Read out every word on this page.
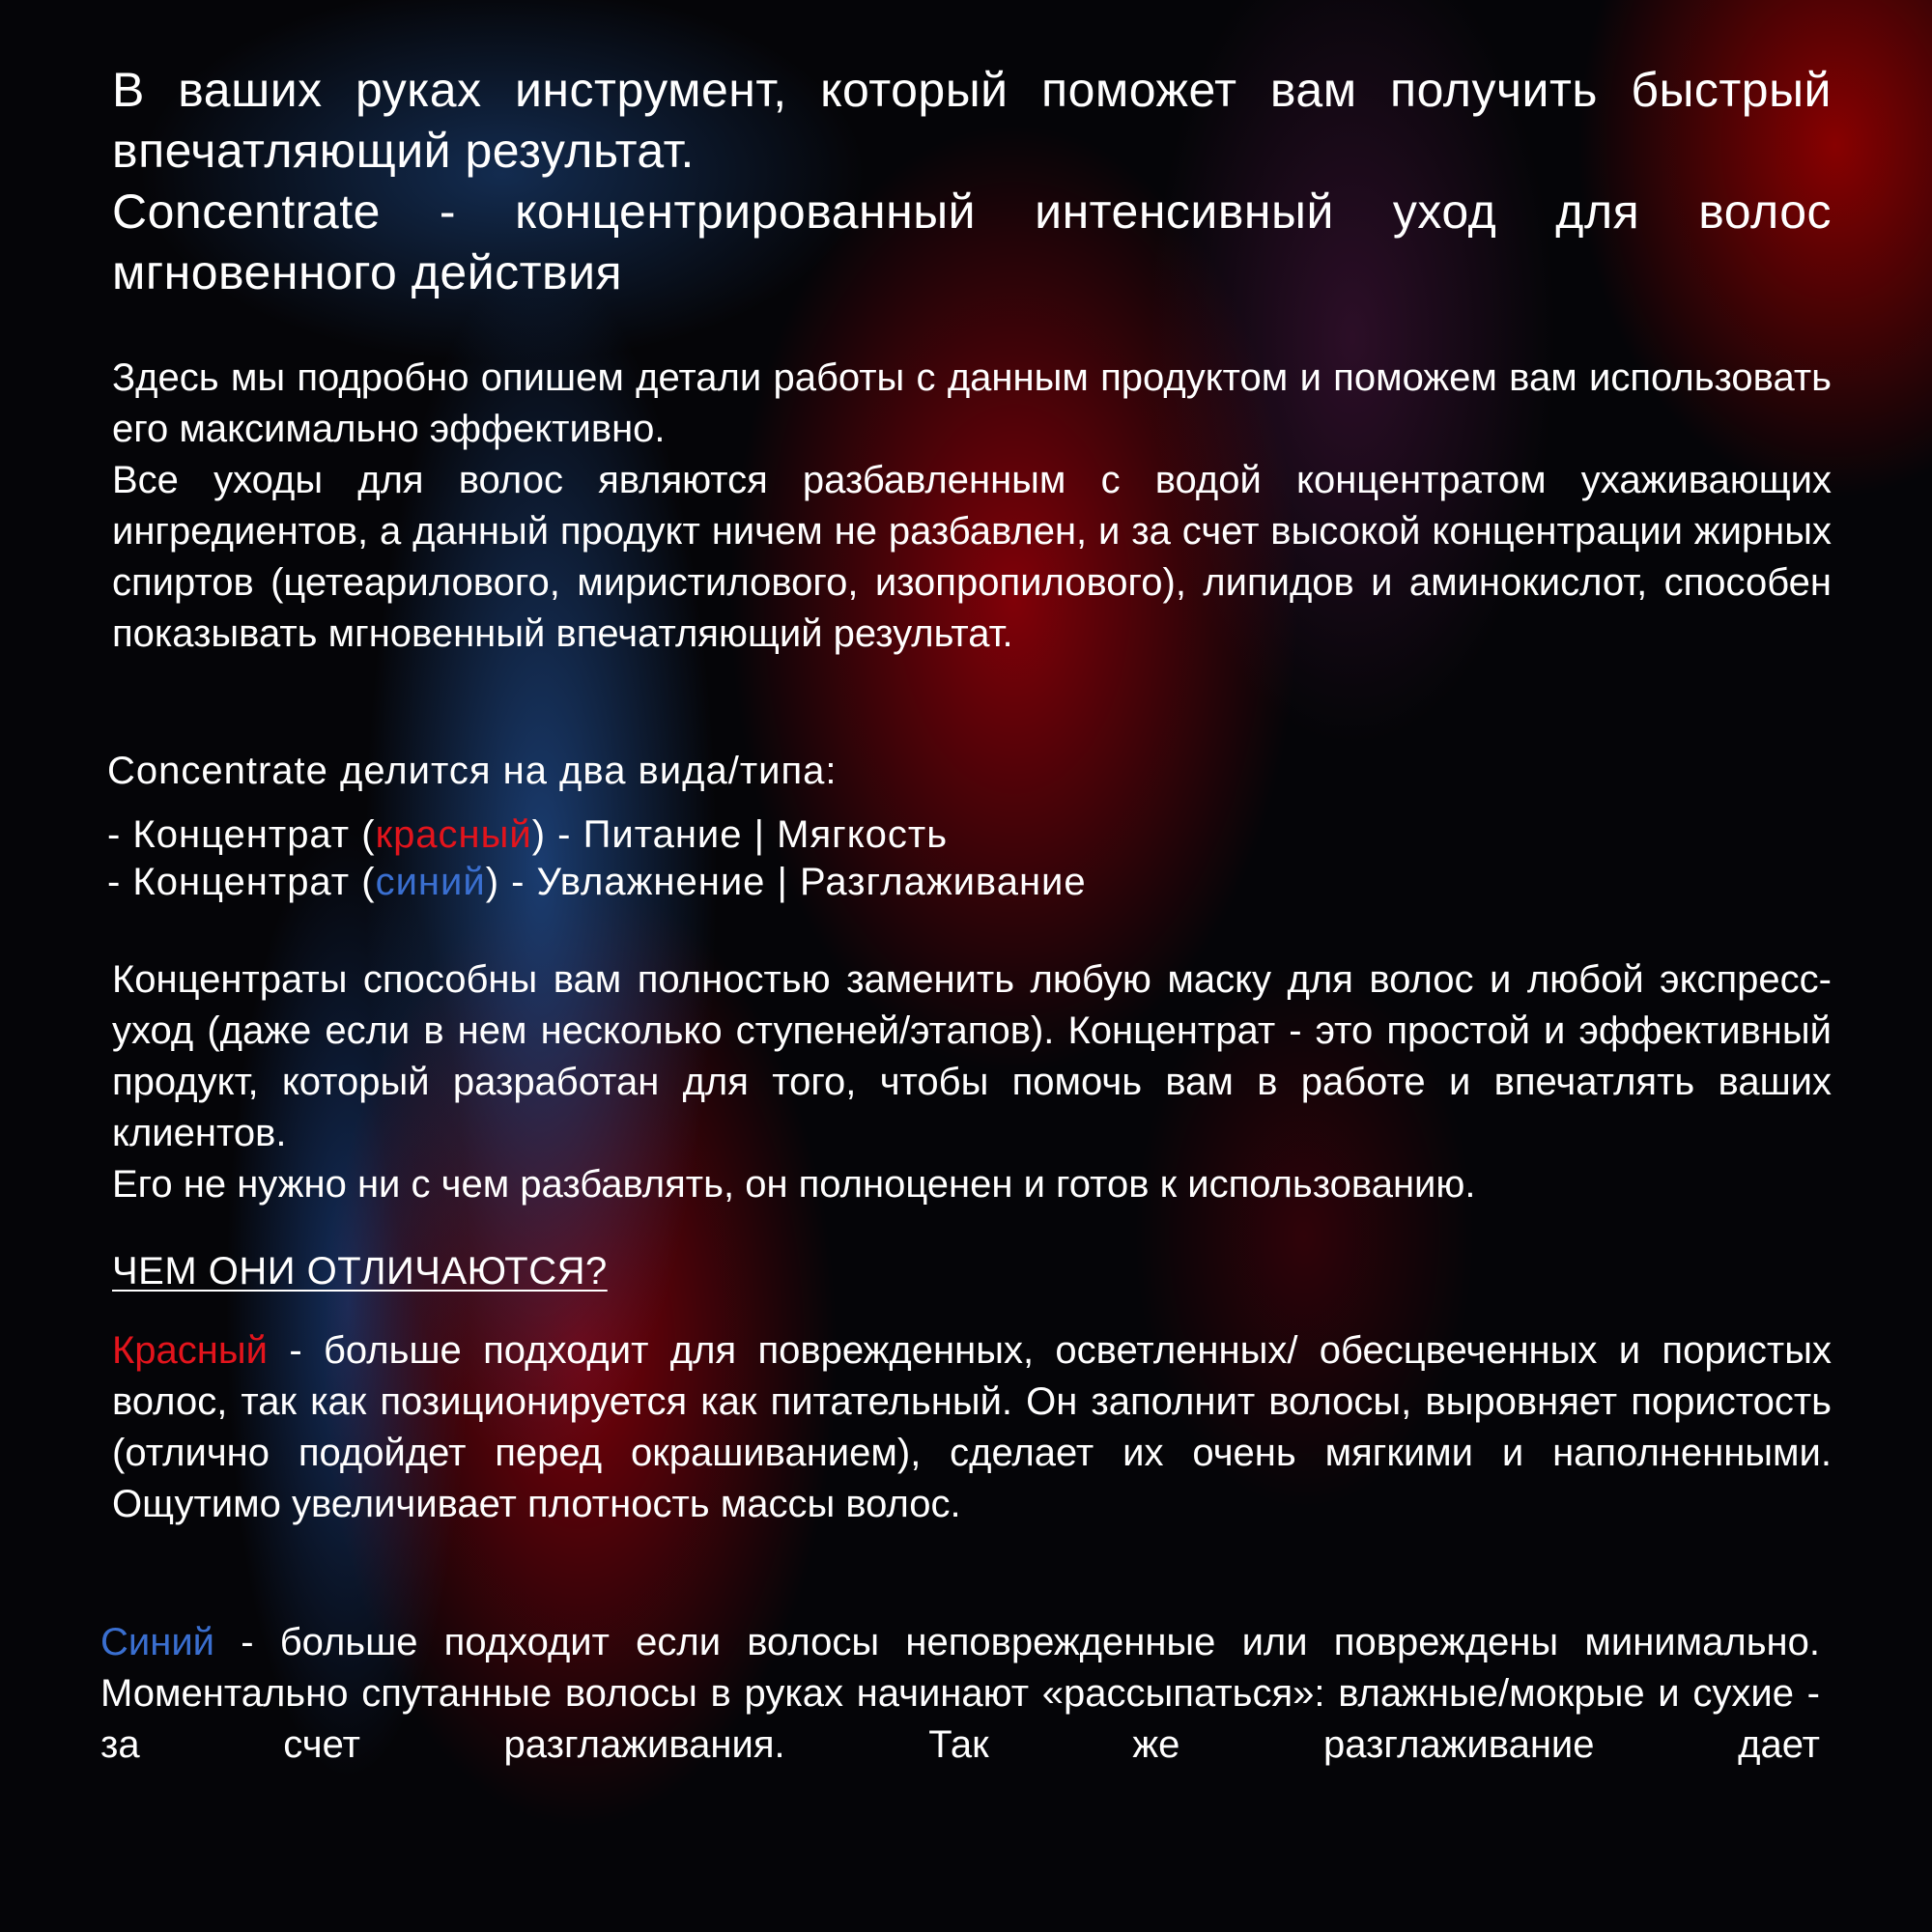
В ваших руках инструмент, который поможет вам получить быстрый впечатляющий результат.

Concentrate - концентрированный интенсивный уход для волос мгновенного действия

Здесь мы подробно опишем детали работы с данным продуктом и поможем вам использовать его максимально эффективно.

Все уходы для волос являются разбавленным с водой концентратом ухаживающих ингредиентов, а данный продукт ничем не разбавлен, и за счет высокой концентрации жирных спиртов (цетеарилового, миристилового, изопропилового), липидов и аминокислот, способен показывать мгновенный впечатляющий результат.

Concentrate делится на два вида/типа:

- Концентрат (красный) - Питание | Мягкость
- Концентрат (синий) - Увлажнение | Разглаживание

Концентраты способны вам полностью заменить любую маску для волос и любой экспресс-уход (даже если в нем несколько ступеней/этапов). Концентрат - это простой и эффективный продукт, который разработан для того, чтобы помочь вам в работе и впечатлять ваших клиентов.

Его не нужно ни с чем разбавлять, он полноценен и готов к использованию.

ЧЕМ ОНИ ОТЛИЧАЮТСЯ?

Красный - больше подходит для поврежденных, осветленных/ обесцвеченных и пористых волос, так как позиционируется как питательный. Он заполнит волосы, выровняет пористость (отлично подойдет перед окрашиванием), сделает их очень мягкими и наполненными. Ощутимо увеличивает плотность массы волос.

Синий - больше подходит если волосы неповрежденные или повреждены минимально. Моментально спутанные волосы в руках начинают «рассыпаться»: влажные/мокрые и сухие - за счет разглаживания. Так же разглаживание дает
